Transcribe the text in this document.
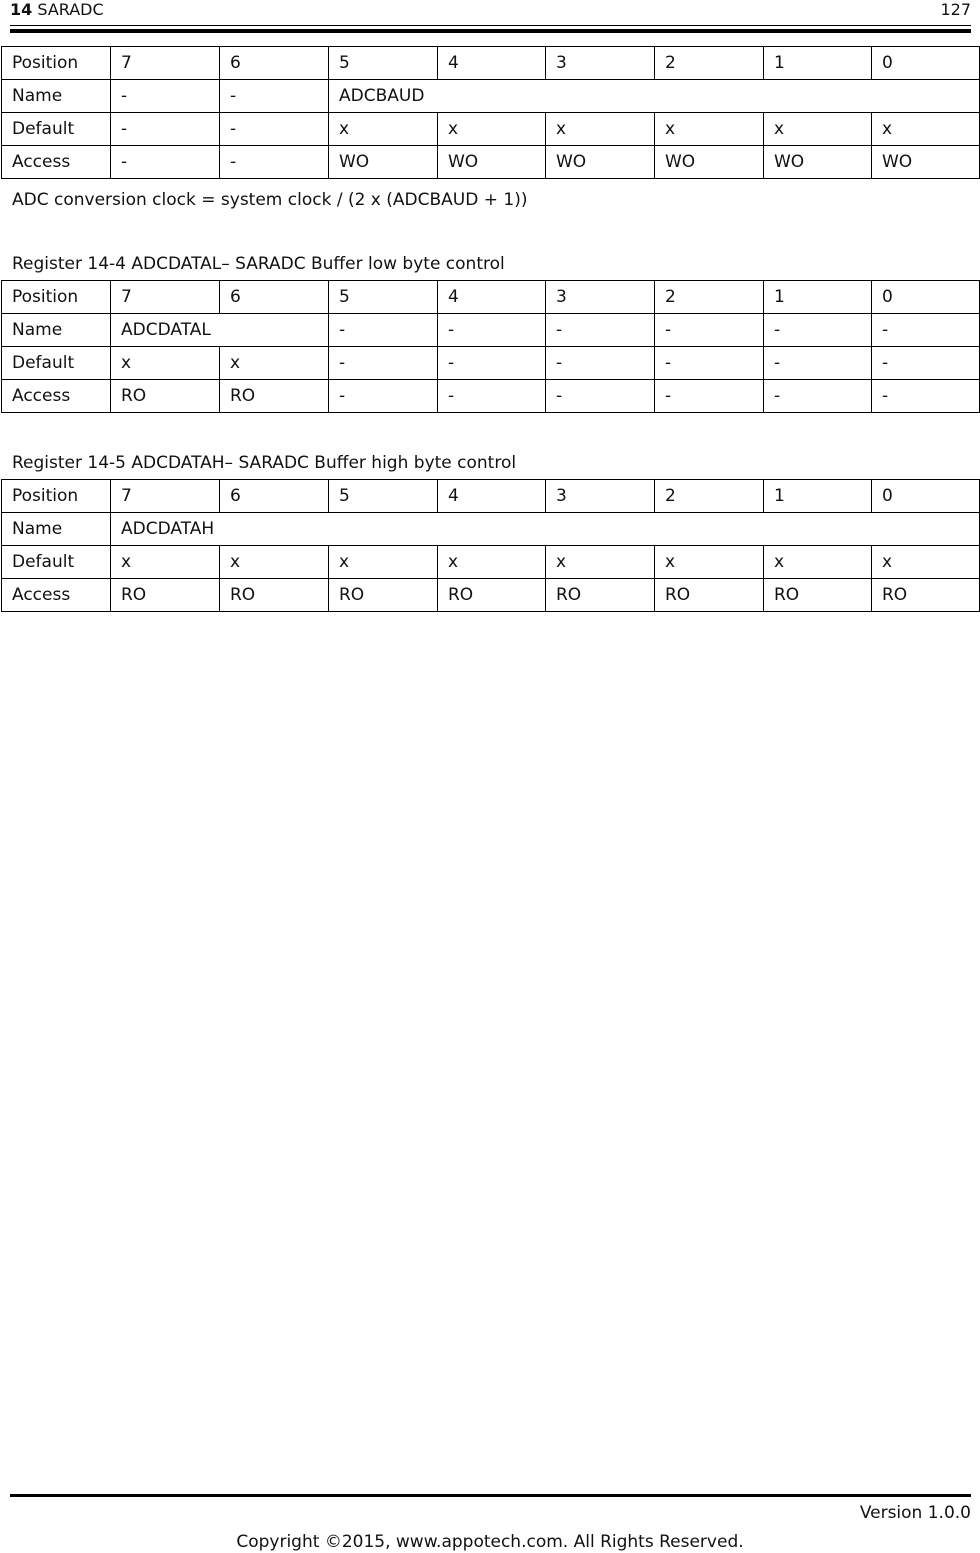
14 SARADC	127
Position	7	6	5	4	3	2	1	0
Name	-	-	ADCBAUD					
Default	-	-	x	x	x	x	x	x
Access	-	-	WO	WO	WO	WO	WO	WO
ADC conversion clock = system clock / (2 x (ADCBAUD + 1))
Register 14-4 ADCDATAL– SARADC Buffer low byte control
Position	7	6	5	4	3	2	1	0
Name	ADCDATAL		-	-	-	-	-	-
Default	x	x	-	-	-	-	-	-
Access	RO	RO	-	-	-	-	-	-
Register 14-5 ADCDATAH– SARADC Buffer high byte control
Position	7	6	5	4	3	2	1	0
Name	ADCDATAH							
Default	x	x	x	x	x	x	x	x
Access	RO	RO	RO	RO	RO	RO	RO	RO
Version 1.0.0
Copyright ©2015, www.appotech.com. All Rights Reserved.
